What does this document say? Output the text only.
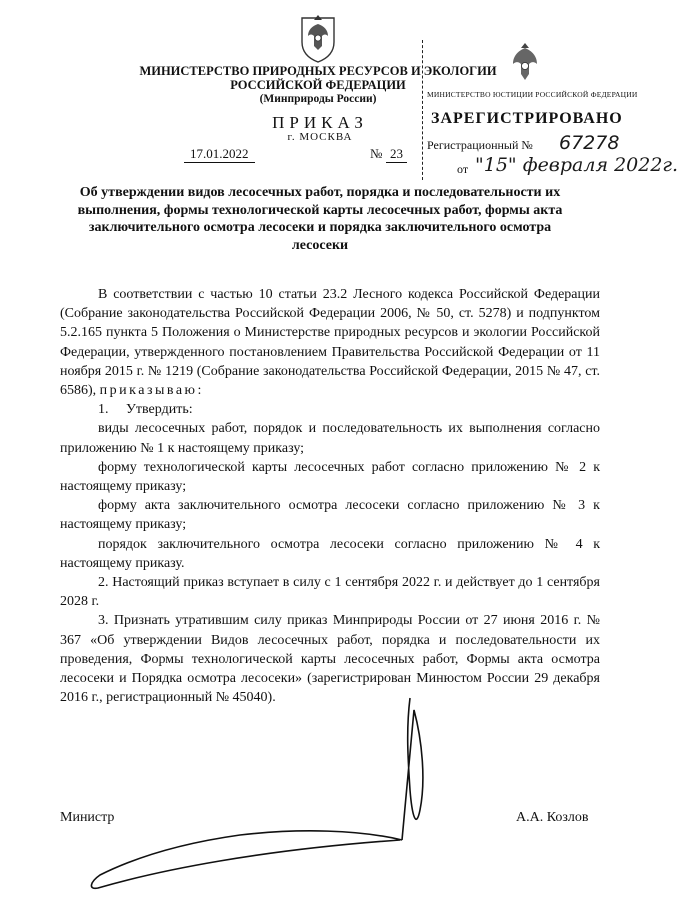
МИНИСТЕРСТВО ПРИРОДНЫХ РЕСУРСОВ И ЭКОЛОГИИ
РОССИЙСКОЙ ФЕДЕРАЦИИ
(Минприроды России)
ПРИКАЗ
г. МОСКВА
17.01.2022	№ 23
МИНИСТЕРСТВО ЮСТИЦИИ РОССИЙСКОЙ ФЕДЕРАЦИИ
ЗАРЕГИСТРИРОВАНО
Регистрационный № 67278
от "15" февраля 2022г.
Об утверждении видов лесосечных работ, порядка и последовательности их выполнения, формы технологической карты лесосечных работ, формы акта заключительного осмотра лесосеки и порядка заключительного осмотра лесосеки

В соответствии с частью 10 статьи 23.2 Лесного кодекса Российской Федерации (Собрание законодательства Российской Федерации 2006, № 50, ст. 5278) и подпунктом 5.2.165 пункта 5 Положения о Министерстве природных ресурсов и экологии Российской Федерации, утвержденного постановлением Правительства Российской Федерации от 11 ноября 2015 г. № 1219 (Собрание законодательства Российской Федерации, 2015 № 47, ст. 6586), приказываю:

1. Утвердить:

виды лесосечных работ, порядок и последовательность их выполнения согласно приложению № 1 к настоящему приказу;

форму технологической карты лесосечных работ согласно приложению № 2 к настоящему приказу;

форму акта заключительного осмотра лесосеки согласно приложению № 3 к настоящему приказу;

порядок заключительного осмотра лесосеки согласно приложению № 4 к настоящему приказу.

2. Настоящий приказ вступает в силу с 1 сентября 2022 г. и действует до 1 сентября 2028 г.

3. Признать утратившим силу приказ Минприроды России от 27 июня 2016 г. № 367 «Об утверждении Видов лесосечных работ, порядка и последовательности их проведения, Формы технологической карты лесосечных работ, Формы акта осмотра лесосеки и Порядка осмотра лесосеки» (зарегистрирован Минюстом России 29 декабря 2016 г., регистрационный № 45040).

Министр	А.А. Козлов
